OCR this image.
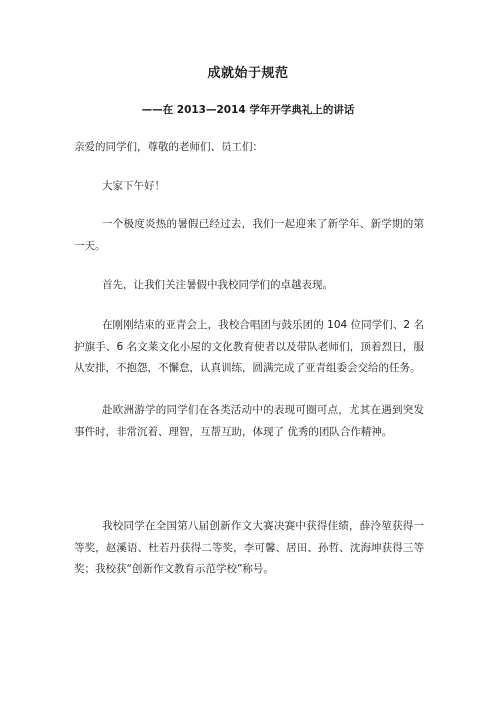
成就始于规范
——在 2013—2014 学年开学典礼上的讲话

亲爱的同学们，尊敬的老师们、员工们：

大家下午好！

一个极度炎热的暑假已经过去，我们一起迎来了新学年、新学期的第一天。

首先，让我们关注暑假中我校同学们的卓越表现。

在刚刚结束的亚青会上，我校合唱团与鼓乐团的 104 位同学们、2 名护旗手、6 名文莱文化小屋的文化教育使者以及带队老师们，顶着烈日，服从安排，不抱怨，不懈怠，认真训练，圆满完成了亚青组委会交给的任务。

赴欧洲游学的同学们在各类活动中的表现可圈可点，尤其在遇到突发事件时，非常沉着、理智，互帮互助，体现了 优秀的团队合作精神。

我校同学在全国第八届创新作文大赛决赛中获得佳绩，薛泠堃获得一等奖，赵溪语、杜若丹获得二等奖，李可馨、居田、孙哲、沈海坤获得三等奖；我校获“创新作文教育示范学校”称号。
